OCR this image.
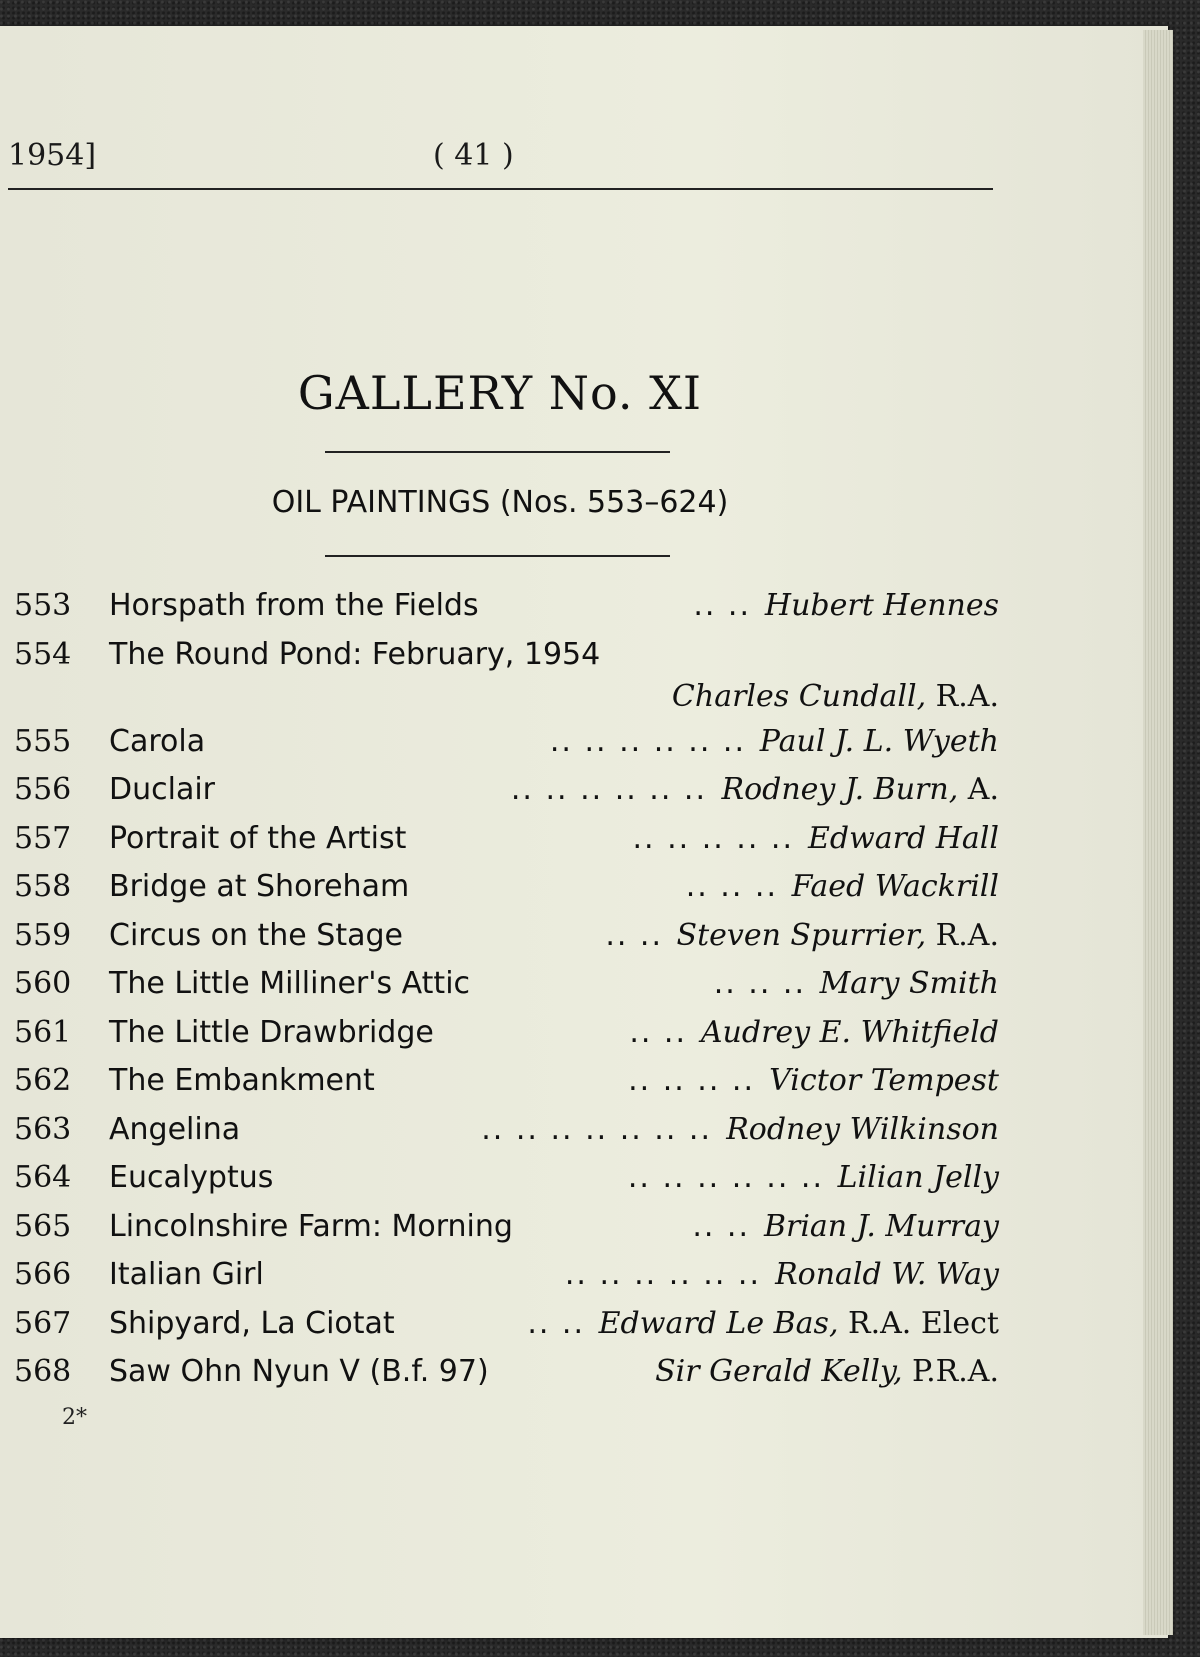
1954]	( 41 )
GALLERY No. XI
OIL PAINTINGS (Nos. 553–624)
553 Horspath from the Fields	.. .. Hubert Hennes
554 The Round Pond: February, 1954
Charles Cundall, R.A.
555 Carola	.. .. .. .. .. .. Paul J. L. Wyeth
556 Duclair	.. .. .. .. .. .. Rodney J. Burn, A.
557 Portrait of the Artist	.. .. .. .. .. Edward Hall
558 Bridge at Shoreham	.. .. .. Faed Wackrill
559 Circus on the Stage	.. .. Steven Spurrier, R.A.
560 The Little Milliner's Attic	.. .. .. Mary Smith
561 The Little Drawbridge	.. .. Audrey E. Whitfield
562 The Embankment	.. .. .. .. Victor Tempest
563 Angelina	.. .. .. .. .. .. .. Rodney Wilkinson
564 Eucalyptus	.. .. .. .. .. .. Lilian Jelly
565 Lincolnshire Farm: Morning	.. .. Brian J. Murray
566 Italian Girl	.. .. .. .. .. .. Ronald W. Way
567 Shipyard, La Ciotat	.. .. Edward Le Bas, R.A. Elect
568 Saw Ohn Nyun V (B.f. 97)	Sir Gerald Kelly, P.R.A.
2*
